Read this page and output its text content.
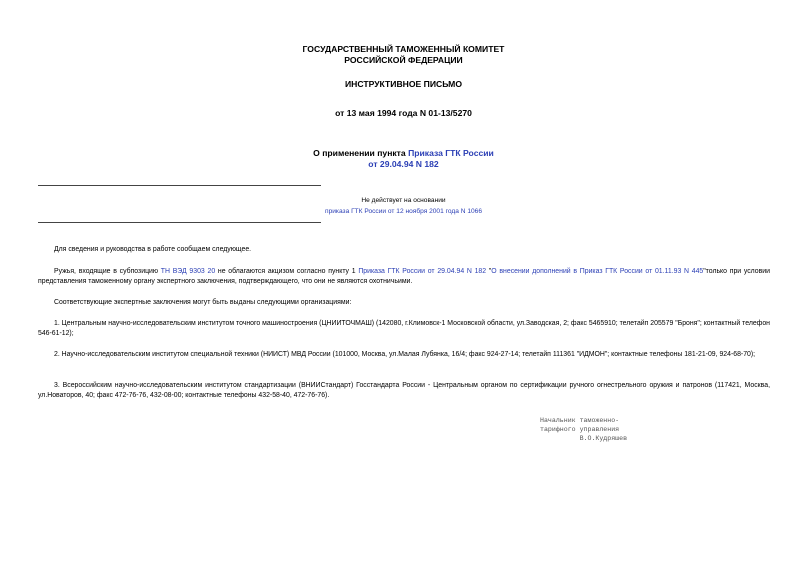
ГОСУДАРСТВЕННЫЙ ТАМОЖЕННЫЙ КОМИТЕТ
РОССИЙСКОЙ ФЕДЕРАЦИИ
ИНСТРУКТИВНОЕ ПИСЬМО
от 13 мая 1994 года N 01-13/5270
О применении пункта Приказа ГТК России
от 29.04.94 N 182
Не действует на основании
приказа ГТК России от 12 ноября 2001 года N 1066
Для сведения и руководства в работе сообщаем следующее.
Ружья, входящие в субпозицию ТН ВЭД 9303 20 не облагаются акцизом согласно пункту 1 Приказа ГТК России от 29.04.94 N 182 "О внесении дополнений в Приказ ГТК России от 01.11.93 N 445"только при условии представления таможенному органу экспертного заключения, подтверждающего, что они не являются охотничьими.
Соответствующие экспертные заключения могут быть выданы следующими организациями:
1. Центральным научно-исследовательским институтом точного машиностроения (ЦНИИТОЧМАШ) (142080, г.Климовск-1 Московской области, ул.Заводская, 2; факс 5465910; телетайп 205579 "Броня"; контактный телефон 546-61-12);
2. Научно-исследовательским институтом специальной техники (НИИСТ) МВД России (101000, Москва, ул.Малая Лубянка, 16/4; факс 924-27-14; телетайп 111361 "ИДМОН"; контактные телефоны 181-21-09, 924-68-70);
3. Всероссийским научно-исследовательским институтом стандартизации (ВНИИСтандарт) Госстандарта России - Центральным органом по сертификации ручного огнестрельного оружия и патронов (117421, Москва, ул.Новаторов, 40; факс 472-76-76, 432-08-00; контактные телефоны 432-58-40, 472-76-76).
Начальник таможенно-
тарифного управления
В.О.Кудряшев
